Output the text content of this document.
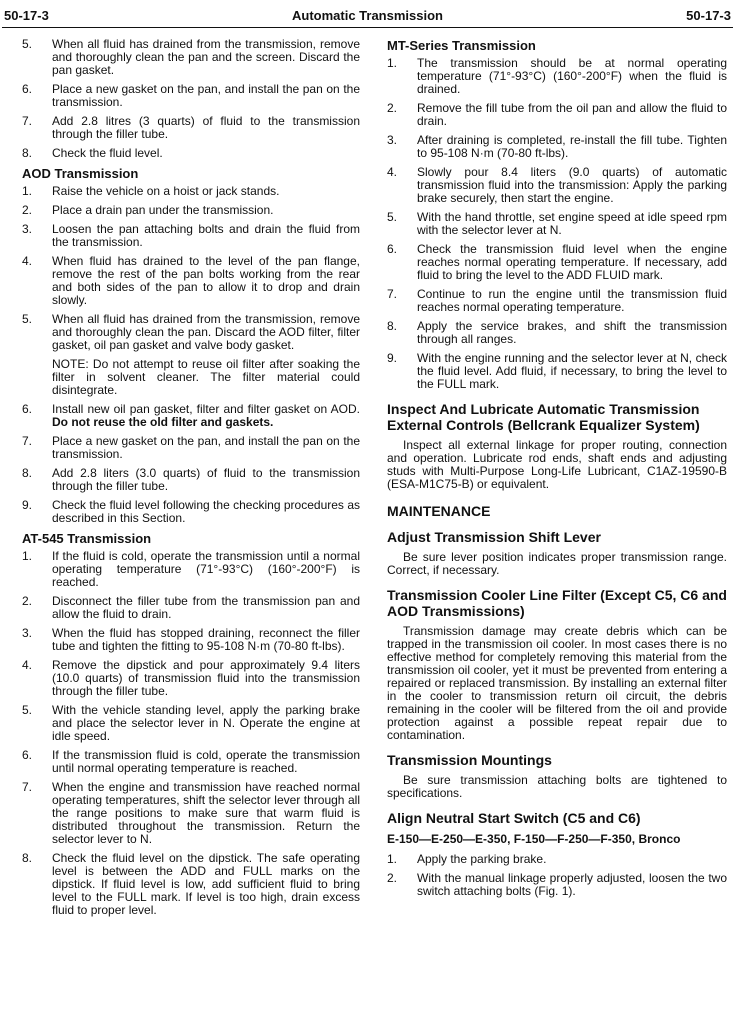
50-17-3	Automatic Transmission	50-17-3
5.	When all fluid has drained from the transmission, remove and thoroughly clean the pan and the screen. Discard the pan gasket.
6.	Place a new gasket on the pan, and install the pan on the transmission.
7.	Add 2.8 litres (3 quarts) of fluid to the transmission through the filler tube.
8.	Check the fluid level.
AOD Transmission
1.	Raise the vehicle on a hoist or jack stands.
2.	Place a drain pan under the transmission.
3.	Loosen the pan attaching bolts and drain the fluid from the transmission.
4.	When fluid has drained to the level of the pan flange, remove the rest of the pan bolts working from the rear and both sides of the pan to allow it to drop and drain slowly.
5.	When all fluid has drained from the transmission, remove and thoroughly clean the pan. Discard the AOD filter, filter gasket, oil pan gasket and valve body gasket.
NOTE: Do not attempt to reuse oil filter after soaking the filter in solvent cleaner. The filter material could disintegrate.
6.	Install new oil pan gasket, filter and filter gasket on AOD. Do not reuse the old filter and gaskets.
7.	Place a new gasket on the pan, and install the pan on the transmission.
8.	Add 2.8 liters (3.0 quarts) of fluid to the transmission through the filler tube.
9.	Check the fluid level following the checking procedures as described in this Section.
AT-545 Transmission
1.	If the fluid is cold, operate the transmission until a normal operating temperature (71°-93°C) (160°-200°F) is reached.
2.	Disconnect the filler tube from the transmission pan and allow the fluid to drain.
3.	When the fluid has stopped draining, reconnect the filler tube and tighten the fitting to 95-108 N·m (70-80 ft-lbs).
4.	Remove the dipstick and pour approximately 9.4 liters (10.0 quarts) of transmission fluid into the transmission through the filler tube.
5.	With the vehicle standing level, apply the parking brake and place the selector lever in N. Operate the engine at idle speed.
6.	If the transmission fluid is cold, operate the transmission until normal operating temperature is reached.
7.	When the engine and transmission have reached normal operating temperatures, shift the selector lever through all the range positions to make sure that warm fluid is distributed throughout the transmission. Return the selector lever to N.
8.	Check the fluid level on the dipstick. The safe operating level is between the ADD and FULL marks on the dipstick. If fluid level is low, add sufficient fluid to bring level to the FULL mark. If level is too high, drain excess fluid to proper level.
MT-Series Transmission
1.	The transmission should be at normal operating temperature (71°-93°C) (160°-200°F) when the fluid is drained.
2.	Remove the fill tube from the oil pan and allow the fluid to drain.
3.	After draining is completed, re-install the fill tube. Tighten to 95-108 N·m (70-80 ft-lbs).
4.	Slowly pour 8.4 liters (9.0 quarts) of automatic transmission fluid into the transmission: Apply the parking brake securely, then start the engine.
5.	With the hand throttle, set engine speed at idle speed rpm with the selector lever at N.
6.	Check the transmission fluid level when the engine reaches normal operating temperature. If necessary, add fluid to bring the level to the ADD FLUID mark.
7.	Continue to run the engine until the transmission fluid reaches normal operating temperature.
8.	Apply the service brakes, and shift the transmission through all ranges.
9.	With the engine running and the selector lever at N, check the fluid level. Add fluid, if necessary, to bring the level to the FULL mark.
Inspect And Lubricate Automatic Transmission External Controls (Bellcrank Equalizer System)

Inspect all external linkage for proper routing, connection and operation. Lubricate rod ends, shaft ends and adjusting studs with Multi-Purpose Long-Life Lubricant, C1AZ-19590-B (ESA-M1C75-B) or equivalent.

MAINTENANCE
Adjust Transmission Shift Lever

Be sure lever position indicates proper transmission range. Correct, if necessary.

Transmission Cooler Line Filter (Except C5, C6 and AOD Transmissions)

Transmission damage may create debris which can be trapped in the transmission oil cooler. In most cases there is no effective method for completely removing this material from the transmission oil cooler, yet it must be prevented from entering a repaired or replaced transmission. By installing an external filter in the cooler to transmission return oil circuit, the debris remaining in the cooler will be filtered from the oil and provide protection against a possible repeat repair due to contamination.

Transmission Mountings

Be sure transmission attaching bolts are tightened to specifications.

Align Neutral Start Switch (C5 and C6)
E-150—E-250—E-350, F-150—F-250—F-350, Bronco
1.	Apply the parking brake.
2.	With the manual linkage properly adjusted, loosen the two switch attaching bolts (Fig. 1).
